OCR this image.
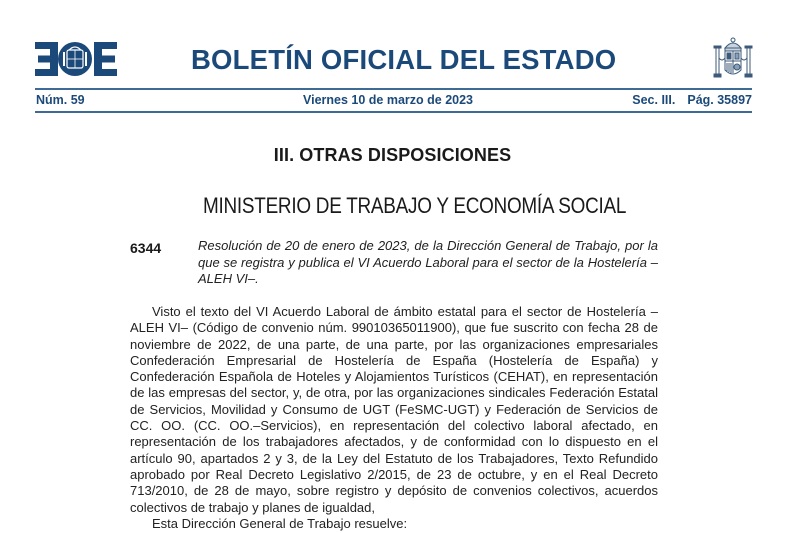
BOLETÍN OFICIAL DEL ESTADO
Núm. 59	Viernes 10 de marzo de 2023	Sec. III. Pág. 35897
III. OTRAS DISPOSICIONES
MINISTERIO DE TRABAJO Y ECONOMÍA SOCIAL
6344	Resolución de 20 de enero de 2023, de la Dirección General de Trabajo, por la que se registra y publica el VI Acuerdo Laboral para el sector de la Hostelería –ALEH VI–.

Visto el texto del VI Acuerdo Laboral de ámbito estatal para el sector de Hostelería –ALEH VI– (Código de convenio núm. 99010365011900), que fue suscrito con fecha 28 de noviembre de 2022, de una parte, de una parte, por las organizaciones empresariales Confederación Empresarial de Hostelería de España (Hostelería de España) y Confederación Española de Hoteles y Alojamientos Turísticos (CEHAT), en representación de las empresas del sector, y, de otra, por las organizaciones sindicales Federación Estatal de Servicios, Movilidad y Consumo de UGT (FeSMC-UGT) y Federación de Servicios de CC. OO. (CC. OO.–Servicios), en representación del colectivo laboral afectado, en representación de los trabajadores afectados, y de conformidad con lo dispuesto en el artículo 90, apartados 2 y 3, de la Ley del Estatuto de los Trabajadores, Texto Refundido aprobado por Real Decreto Legislativo 2/2015, de 23 de octubre, y en el Real Decreto 713/2010, de 28 de mayo, sobre registro y depósito de convenios colectivos, acuerdos colectivos de trabajo y planes de igualdad,

Esta Dirección General de Trabajo resuelve:
